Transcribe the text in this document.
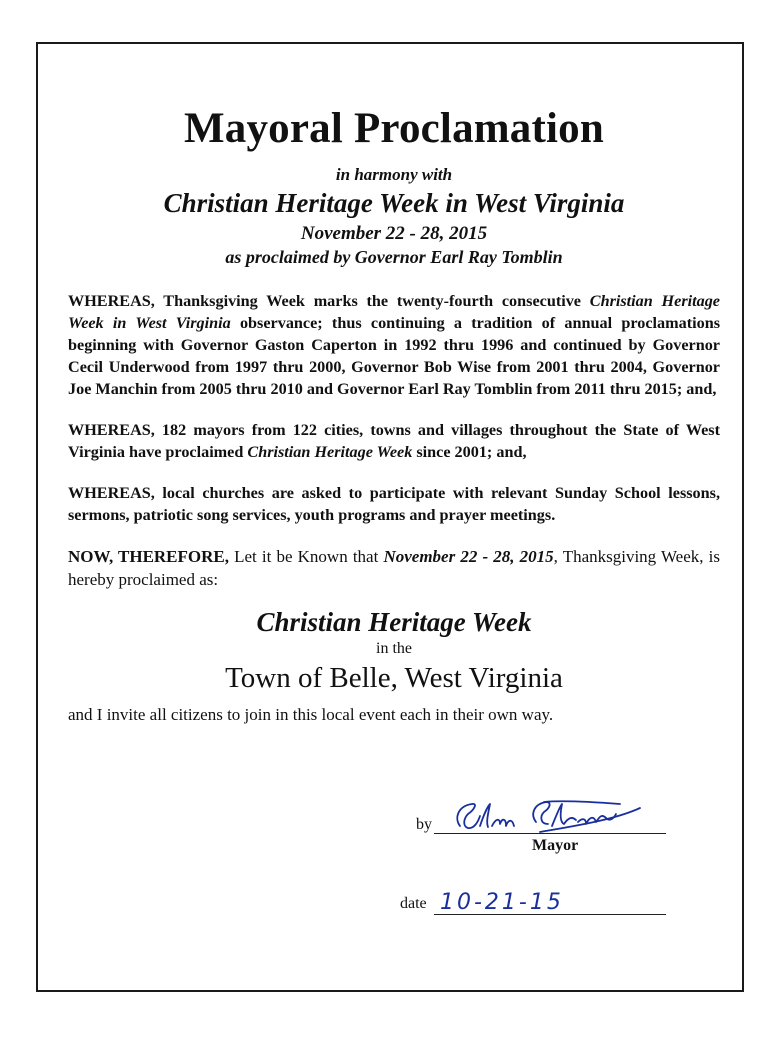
Mayoral Proclamation

in harmony with

Christian Heritage Week in West Virginia

November 22 - 28, 2015

as proclaimed by Governor Earl Ray Tomblin

WHEREAS, Thanksgiving Week marks the twenty-fourth consecutive Christian Heritage Week in West Virginia observance; thus continuing a tradition of annual proclamations beginning with Governor Gaston Caperton in 1992 thru 1996 and continued by Governor Cecil Underwood from 1997 thru 2000, Governor Bob Wise from 2001 thru 2004, Governor Joe Manchin from 2005 thru 2010 and Governor Earl Ray Tomblin from 2011 thru 2015; and,

WHEREAS, 182 mayors from 122 cities, towns and villages throughout the State of West Virginia have proclaimed Christian Heritage Week since 2001; and,

WHEREAS, local churches are asked to participate with relevant Sunday School lessons, sermons, patriotic song services, youth programs and prayer meetings.

NOW, THEREFORE, Let it be Known that November 22 - 28, 2015, Thanksgiving Week, is hereby proclaimed as:

Christian Heritage Week

in the

Town of Belle, West Virginia

and I invite all citizens to join in this local event each in their own way.

by
Mayor
date 10-21-15
